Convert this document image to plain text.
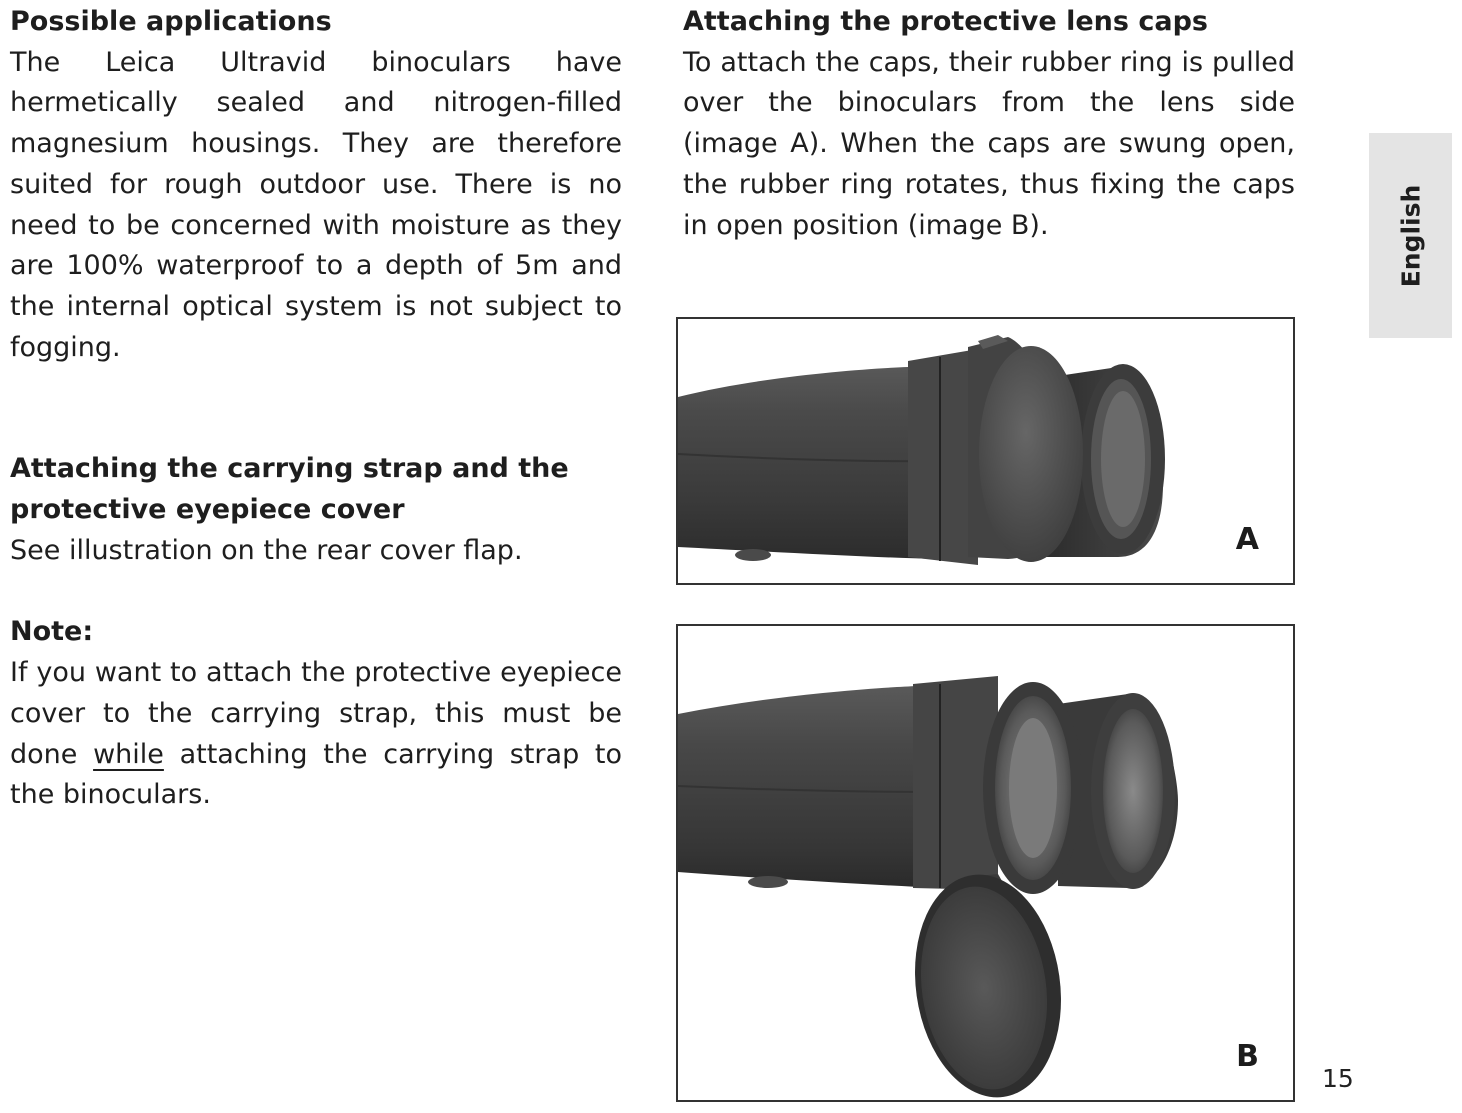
Possible applications

The Leica Ultravid binoculars have hermetically sealed and nitrogen-filled magnesium housings. They are therefore suited for rough outdoor use. There is no need to be concerned with moisture as they are 100% waterproof to a depth of 5m and the internal optical system is not subject to fogging.

Attaching the carrying strap and the protective eyepiece cover

See illustration on the rear cover flap.

Note:

If you want to attach the protective eyepiece cover to the carrying strap, this must be done while attaching the carrying strap to the binoculars.

Attaching the protective lens caps

To attach the caps, their rubber ring is pulled over the binoculars from the lens side (image A). When the caps are swung open, the rubber ring rotates, thus fixing the caps in open position (image B).

A
B
English
15
